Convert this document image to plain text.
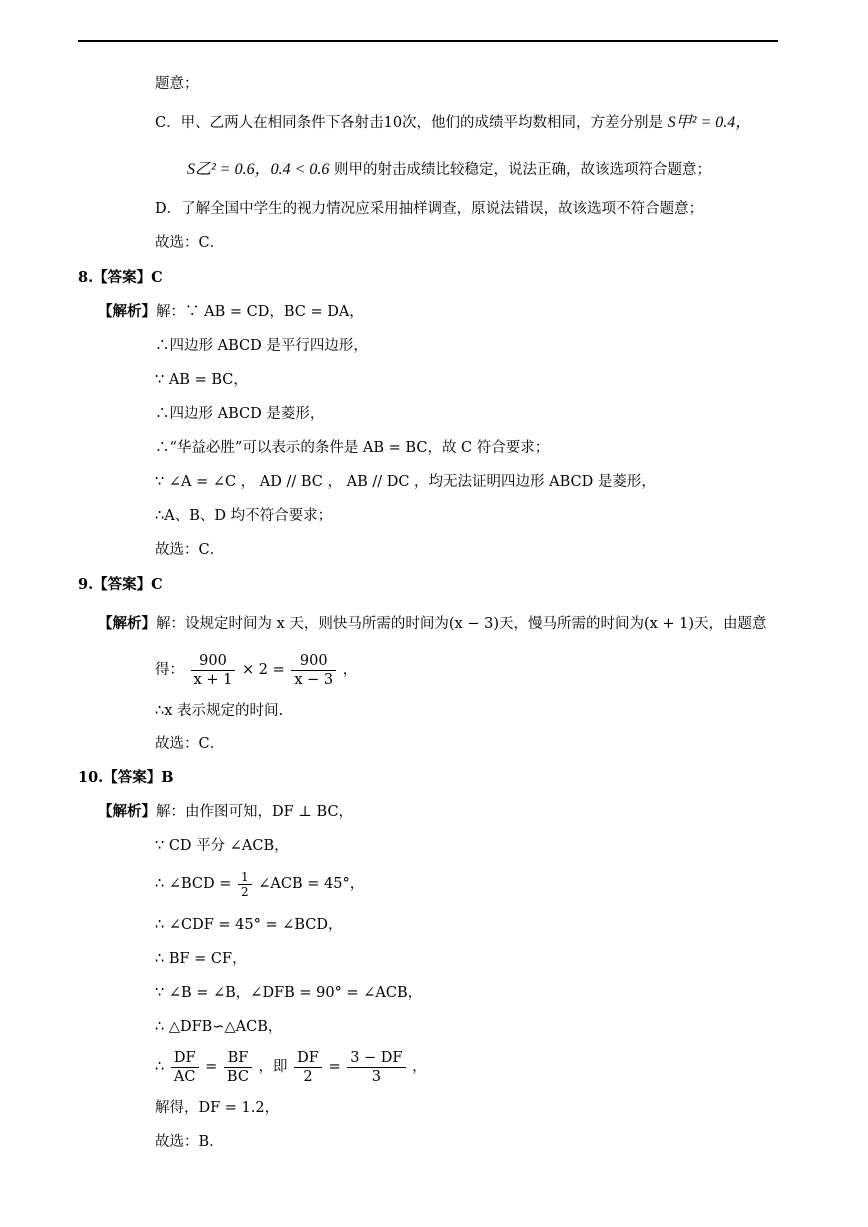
题意；
C．甲、乙两人在相同条件下各射击10次，他们的成绩平均数相同，方差分别是 S甲² = 0.4，
S乙² = 0.6，0.4 < 0.6 则甲的射击成绩比较稳定，说法正确，故该选项符合题意；
D．了解全国中学生的视力情况应采用抽样调查，原说法错误，故该选项不符合题意；
故选：C．
8.【答案】C
【解析】解：∵ AB = CD，BC = DA，
∴四边形 ABCD 是平行四边形，
∵ AB = BC，
∴四边形 ABCD 是菱形，
∴“华益必胜”可以表示的条件是 AB = BC，故 C 符合要求；
∵ ∠A = ∠C ， AD // BC ， AB // DC ，均无法证明四边形 ABCD 是菱形，
∴A、B、D 均不符合要求；
故选：C．
9.【答案】C
【解析】解：设规定时间为 x 天，则快马所需的时间为(x − 3)天，慢马所需的时间为(x + 1)天，由题意
得： $\frac{900}{x + 1} \times 2 = \frac{900}{x - 3}$ ，
∴x 表示规定的时间.
故选：C．
10.【答案】B
【解析】解：由作图可知，DF ⊥ BC，
∵ CD 平分 ∠ACB，
∴ ∠BCD = $\frac{1}{2}$ ∠ACB = 45°，
∴ ∠CDF = 45° = ∠BCD，
∴ BF = CF，
∵ ∠B = ∠B，∠DFB = 90° = ∠ACB，
∴ △DFB∽△ACB，
∴ $\frac{DF}{AC} = \frac{BF}{BC}$ ，即 $\frac{DF}{2} = \frac{3 - DF}{3}$ ，
解得，DF = 1.2，
故选：B．
